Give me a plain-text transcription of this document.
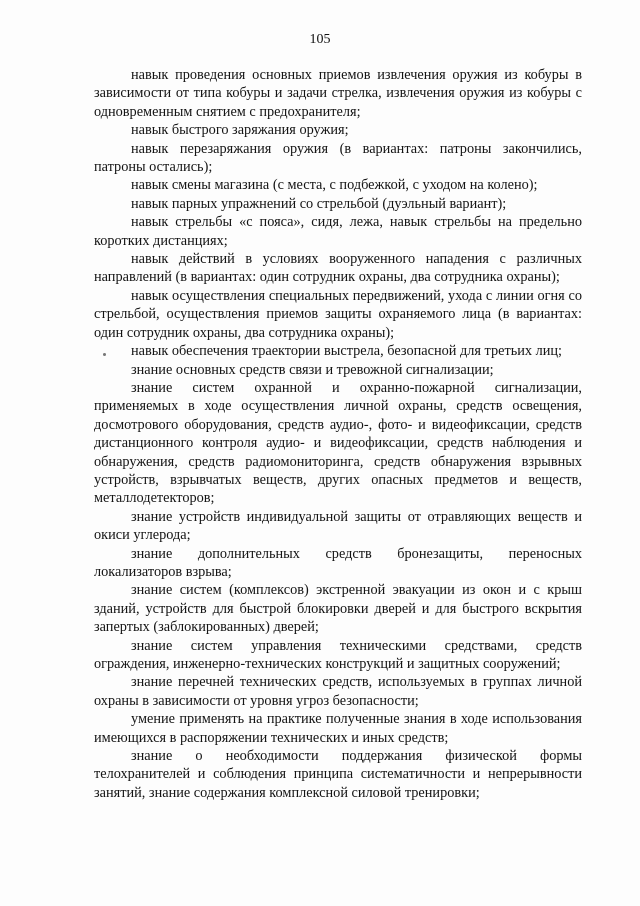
105

навык проведения основных приемов извлечения оружия из кобуры в зависимости от типа кобуры и задачи стрелка, извлечения оружия из кобуры с одновременным снятием с предохранителя;

навык быстрого заряжания оружия;

навык перезаряжания оружия (в вариантах: патроны закончились, патроны остались);

навык смены магазина (с места, с подбежкой, с уходом на колено);

навык парных упражнений со стрельбой (дуэльный вариант);

навык стрельбы «с пояса», сидя, лежа, навык стрельбы на предельно коротких дистанциях;

навык действий в условиях вооруженного нападения с различных направлений (в вариантах: один сотрудник охраны, два сотрудника охраны);

навык осуществления специальных передвижений, ухода с линии огня со стрельбой, осуществления приемов защиты охраняемого лица (в вариантах: один сотрудник охраны, два сотрудника охраны);

навык обеспечения траектории выстрела, безопасной для третьих лиц;

знание основных средств связи и тревожной сигнализации;

знание систем охранной и охранно-пожарной сигнализации, применяемых в ходе осуществления личной охраны, средств освещения, досмотрового оборудования, средств аудио-, фото- и видеофиксации, средств дистанционного контроля аудио- и видеофиксации, средств наблюдения и обнаружения, средств радиомониторинга, средств обнаружения взрывных устройств, взрывчатых веществ, других опасных предметов и веществ, металлодетекторов;

знание устройств индивидуальной защиты от отравляющих веществ и окиси углерода;

знание дополнительных средств бронезащиты, переносных локализаторов взрыва;

знание систем (комплексов) экстренной эвакуации из окон и с крыш зданий, устройств для быстрой блокировки дверей и для быстрого вскрытия запертых (заблокированных) дверей;

знание систем управления техническими средствами, средств ограждения, инженерно-технических конструкций и защитных сооружений;

знание перечней технических средств, используемых в группах личной охраны в зависимости от уровня угроз безопасности;

умение применять на практике полученные знания в ходе использования имеющихся в распоряжении технических и иных средств;

знание о необходимости поддержания физической формы телохранителей и соблюдения принципа систематичности и непрерывности занятий, знание содержания комплексной силовой тренировки;
